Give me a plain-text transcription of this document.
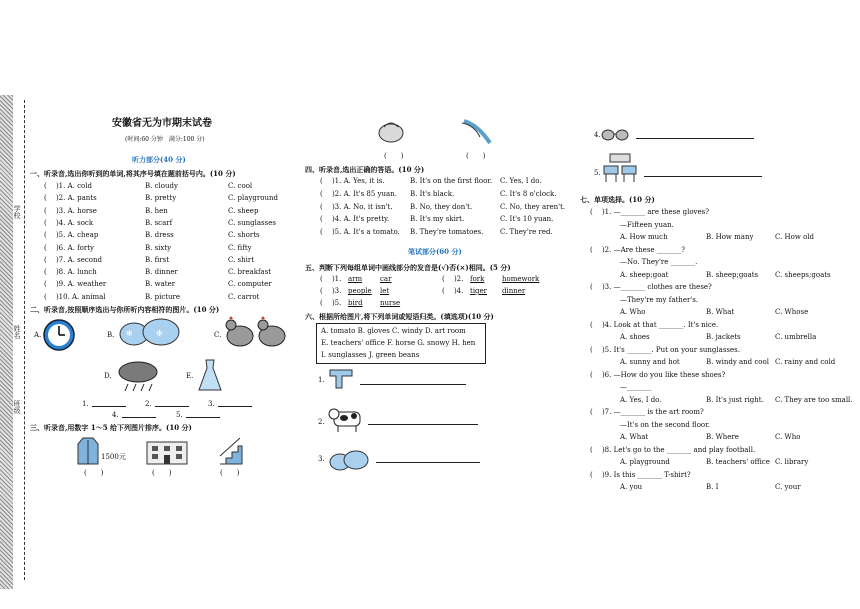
学校
姓名
班级
安徽省无为市期末试卷
(时间:60 分钟　满分:100 分)
听力部分(40 分)
一、听录音,选出你听到的单词,将其序号填在题前括号内。(10 分)
( 　)1. A. cold	B. cloudy	C. cool
( 　)2. A. pants	B. pretty	C. playground
( 　)3. A. horse	B. hen	C. sheep
( 　)4. A. sock	B. scarf	C. sunglasses
( 　)5. A. cheap	B. dress	C. shorts
( 　)6. A. forty	B. sixty	C. fifty
( 　)7. A. second	B. first	C. shirt
( 　)8. A. lunch	B. dinner	C. breakfast
( 　)9. A. weather	B. water	C. computer
( 　)10. A. animal	B. picture	C. carrot
二、听录音,按照顺序选出与你所听内容相符的图片。(10 分)
A.	B.	C.
D.	E.
✻	✻
1.	2.	3.
4.	5.
三、听录音,用数字 1～5 给下列图片排序。(10 分)
1500元
(　　)	(　　)	(　　)
(　　)	(　　)
四、听录音,选出正确的答语。(10 分)
( 　)1. A. Yes, it is.	B. It's on the first floor. C. Yes, I do.
( 　)2. A. It's 85 yuan. B. It's black.	C. It's 8 o'clock.
( 　)3. A. No, it isn't.	B. No, they don't.	C. No, they aren't.
( 　)4. A. It's pretty.	B. It's my skirt.	C. It's 10 yuan.
( 　)5. A. It's a tomato. B. They're tomatoes. C. They're red.
笔试部分(60 分)
五、判断下列每组单词中画线部分的发音是(√)否(×)相同。(5 分)
( 　)1. arm	car	( 　)2. fork	homework
( 　)3. people let	( 　)4. tiger dinner
( 　)5. bird nurse
六、根据所给图片,将下列单词或短语归类。(填选项)(10 分)
A. tomato B. gloves C. windy D. art room
E. teachers' office F. horse G. snowy H. hen
I. sunglasses J. green beans
1.
2.
3.
4.
5.
七、单项选择。(10 分)
( 　)1. —_______ are these gloves?
—Fifteen yuan.
A. How much	B. How many	C. How old
( 　)2. —Are these _______?
—No. They're _______.
A. sheep;goat	B. sheep;goats C. sheeps;goats
( 　)3. —_______ clothes are these?
—They're my father's.
A. Who	B. What	C. Whose
( 　)4. Look at that _______. It's nice.
A. shoes	B. jackets	C. umbrella
( 　)5. It's _______. Put on your sunglasses.
A. sunny and hot	B. windy and cool C. rainy and cold
( 　)6. —How do you like these shoes?
—_______
A. Yes, I do.	B. It's just right. C. They are too small.
( 　)7. —_______ is the art room?
—It's on the second floor.
A. What	B. Where	C. Who
( 　)8. Let's go to the _______ and play football.
A. playground	B. teachers' office C. library
( 　)9. Is this _______ T-shirt?
A. you	B. I	C. your
